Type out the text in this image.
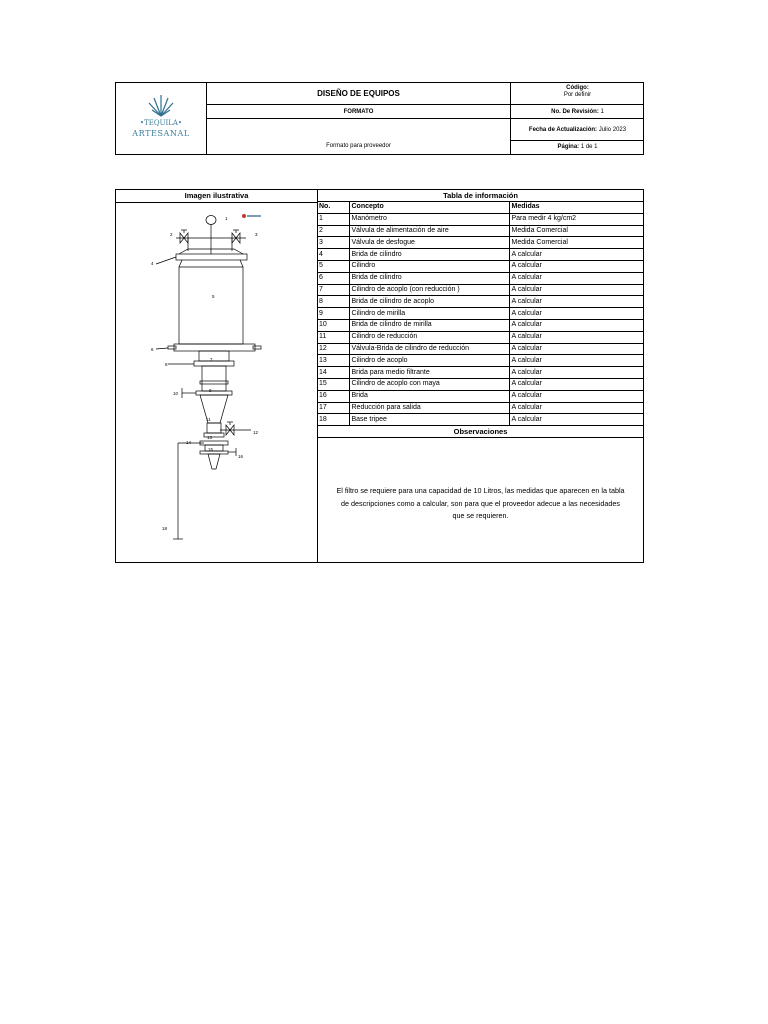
•TEQUILA•
ARTESANAL
DISEÑO DE EQUIPOS
FORMATO
Formato para proveedor
Código:
Por definir
No. De Revisión: 1
Fecha de Actualización: Julio 2023
Página: 1 de 1
Imagen ilustrativa
1
2	3
4
5
6
7
8
9
10
11
12
13
14
15
16
18
Tabla de información		
No.	Concepto	Medidas
1	Manómetro	Para medir 4 kg/cm2
2	Válvula de alimentación de aire	Medida Comercial
3	Válvula de desfogue	Medida Comercial
4	Brida de cilindro	A calcular
5	Cilindro	A calcular
6	Brida de cilindro	A calcular
7	Cilindro de acoplo (con reducción )	A calcular
8	Brida de cilindro de acoplo	A calcular
9	Cilindro de mirilla	A calcular
10	Brida de cilindro de mirilla	A calcular
11	Cilindro de reducción	A calcular
12	Válvula-Brida de cilindro de reducción	A calcular
13	Cilindro de acoplo	A calcular
14	Brida para medio filtrante	A calcular
15	Cilindro de acoplo con maya	A calcular
16	Brida	A calcular
17	Reducción para salida	A calcular
18	Base tripee	A calcular
Observaciones		
El filtro se requiere para una capacidad de 10 Litros, las medidas que aparecen en la tabla
de descripciones como a calcular, son para que el proveedor adecue a las necesidades
que se requieren.
